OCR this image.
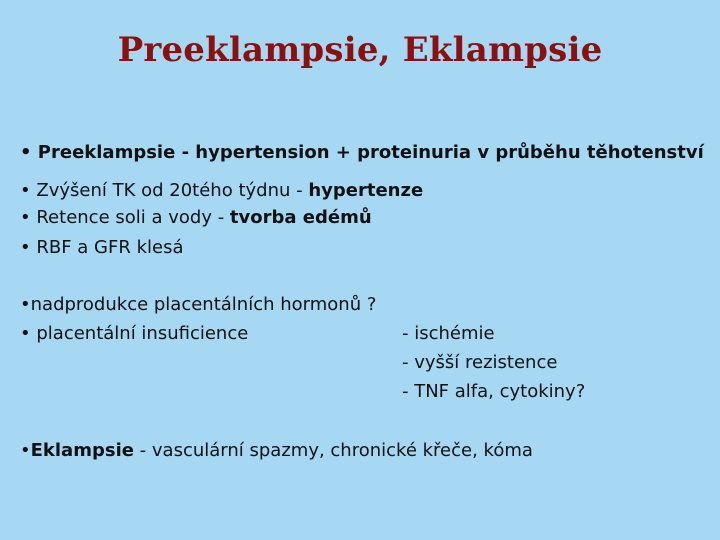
Preeklampsie, Eklampsie
• Preeklampsie - hypertension + proteinuria v průběhu těhotenství
• Zvýšení TK od 20tého týdnu - hypertenze
• Retence soli a vody - tvorba edémů
• RBF a GFR klesá
•nadprodukce placentálních hormonů ?
• placentální insuficience	- ischémie
- vyšší rezistence
- TNF alfa, cytokiny?
•Eklampsie - vasculární spazmy, chronické křeče, kóma
